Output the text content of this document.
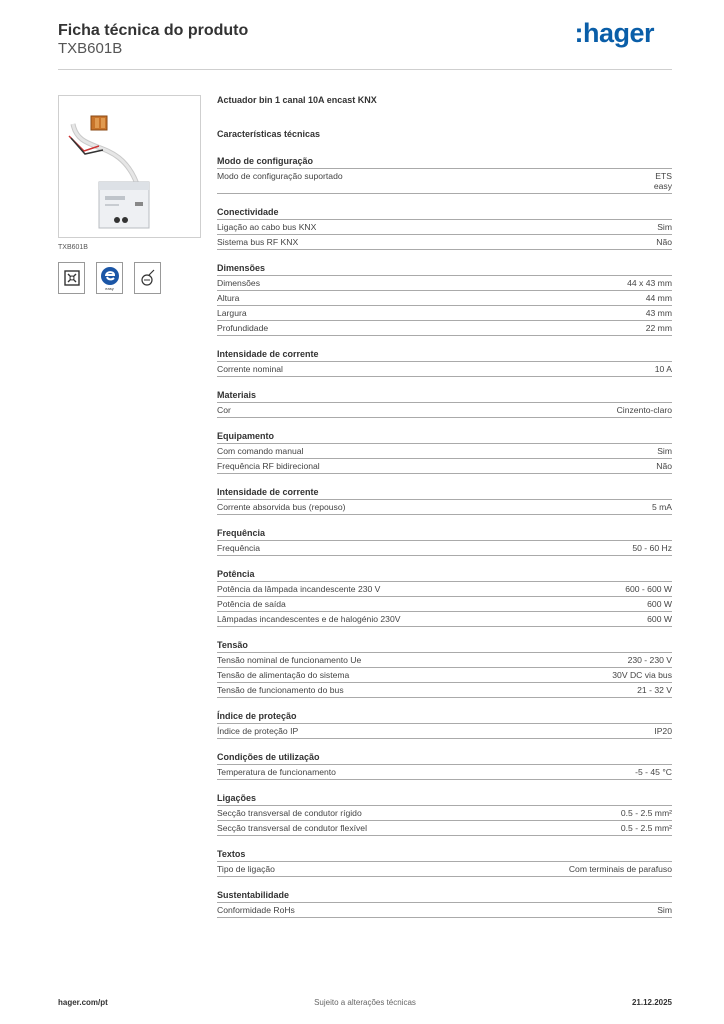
Ficha técnica do produto
TXB601B
:hager
TXB601B
easy
Actuador bin 1 canal 10A encast KNX
Características técnicas
Modo de configuração
Modo de configuração suportado	ETS
easy
Conectividade
Ligação ao cabo bus KNX	Sim
Sistema bus RF KNX	Não
Dimensões
Dimensões	44 x 43 mm
Altura	44 mm
Largura	43 mm
Profundidade	22 mm
Intensidade de corrente
Corrente nominal	10 A
Materiais
Cor	Cinzento-claro
Equipamento
Com comando manual	Sim
Frequência RF bidirecional	Não
Intensidade de corrente
Corrente absorvida bus (repouso)	5 mA
Frequência
Frequência	50 - 60 Hz
Potência
Potência da lâmpada incandescente 230 V	600 - 600 W
Potência de saída	600 W
Lâmpadas incandescentes e de halogénio 230V	600 W
Tensão
Tensão nominal de funcionamento Ue	230 - 230 V
Tensão de alimentação do sistema	30V DC via bus
Tensão de funcionamento do bus	21 - 32 V
Índice de proteção
Índice de proteção IP	IP20
Condições de utilização
Temperatura de funcionamento	-5 - 45 °C
Ligações
Secção transversal de condutor rígido	0.5 - 2.5 mm²
Secção transversal de condutor flexível	0.5 - 2.5 mm²
Textos
Tipo de ligação	Com terminais de parafuso
Sustentabilidade
Conformidade RoHs	Sim
hager.com/pt	Sujeito a alterações técnicas	21.12.2025
